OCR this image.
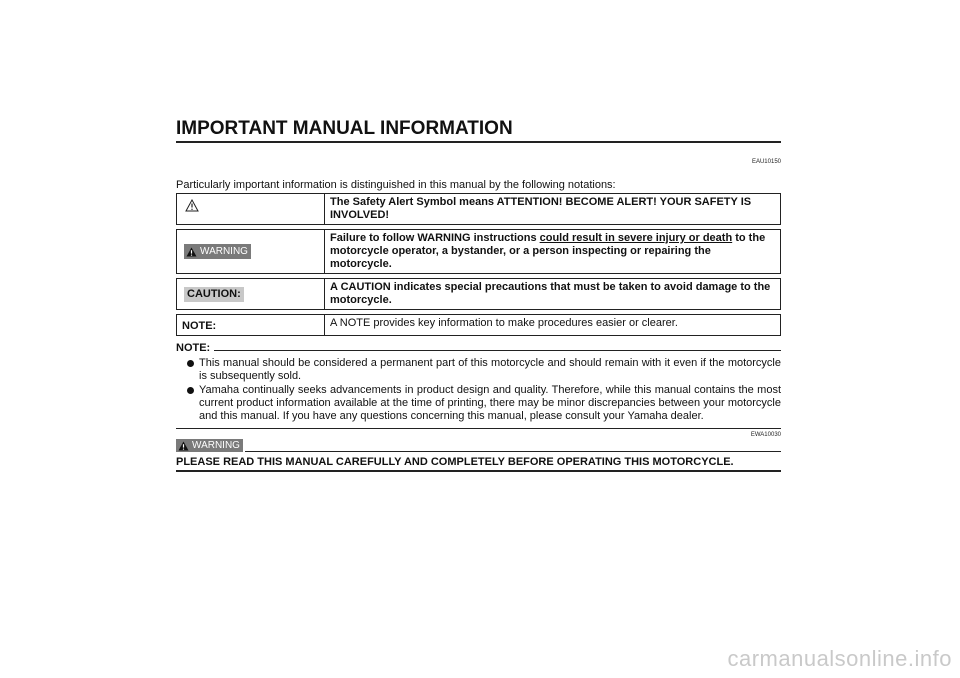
IMPORTANT MANUAL INFORMATION
EAU10150
Particularly important information is distinguished in this manual by the following notations:
	The Safety Alert Symbol means ATTENTION! BECOME ALERT! YOUR SAFETY IS INVOLVED!

WARNING	Failure to follow WARNING instructions could result in severe injury or death to the motorcycle operator, a bystander, or a person inspecting or repairing the motorcycle.

CAUTION:	A CAUTION indicates special precautions that must be taken to avoid damage to the motorcycle.

NOTE:	A NOTE provides key information to make procedures easier or clearer.
NOTE:
This manual should be considered a permanent part of this motorcycle and should remain with it even if the motorcycle is subsequently sold.
Yamaha continually seeks advancements in product design and quality. Therefore, while this manual contains the most current product information available at the time of printing, there may be minor discrepancies between your motorcycle and this manual. If you have any questions concerning this manual, please consult your Yamaha dealer.
EWA10030
WARNING
PLEASE READ THIS MANUAL CAREFULLY AND COMPLETELY BEFORE OPERATING THIS MOTORCYCLE.
carmanualsonline.info
